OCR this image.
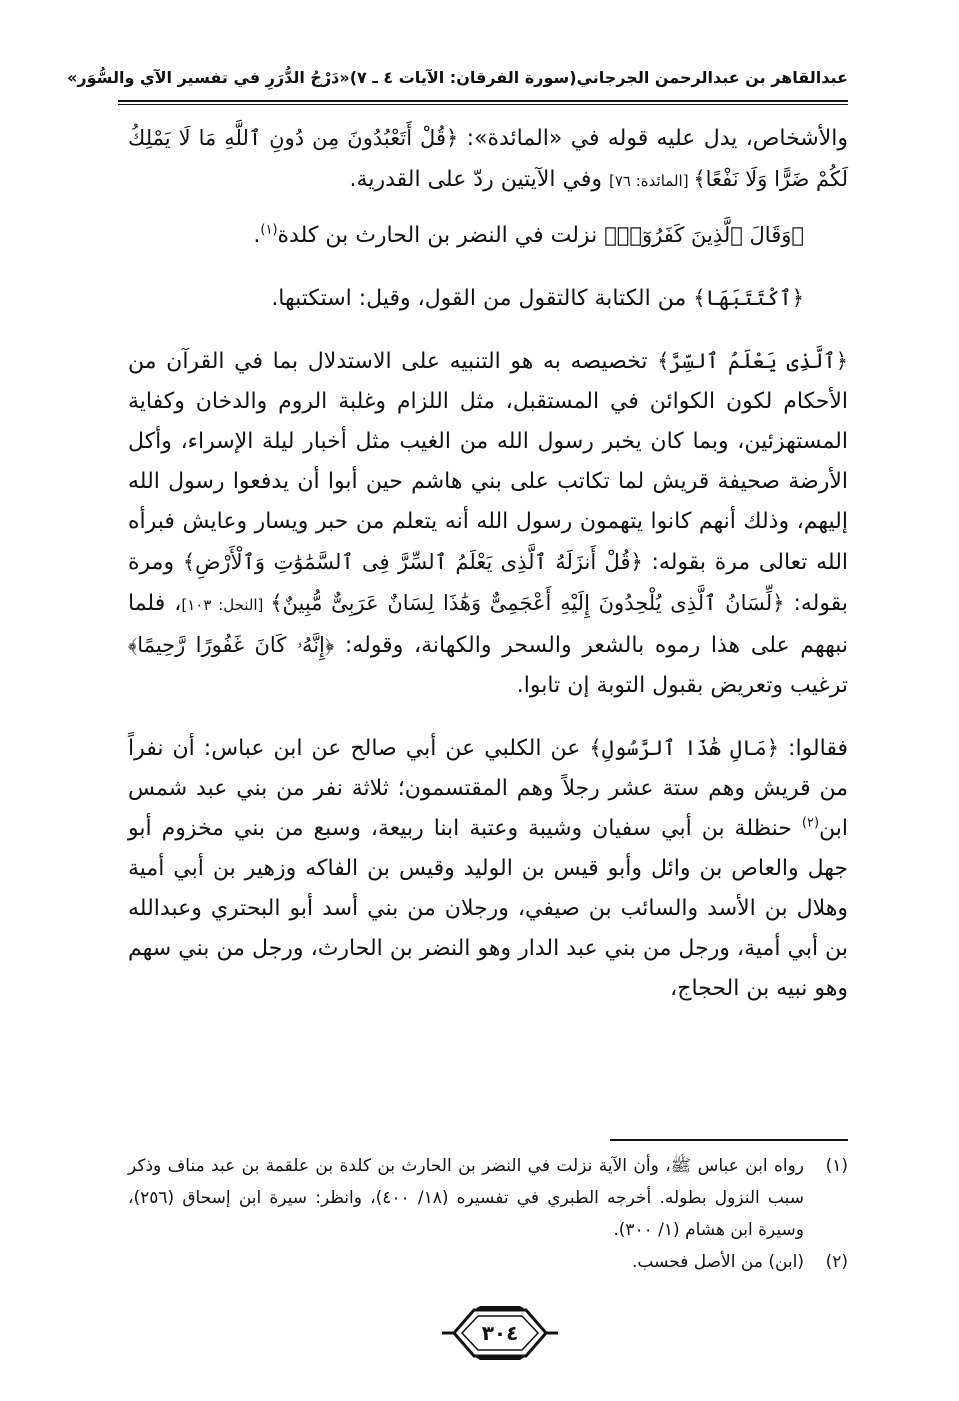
عبدالقاهر بن عبدالرحمن الجرجاني
(سورة الفرقان: الآيات ٤ ـ ٧)
«دَرْجُ الدُّرَرِ في تفسير الآي والسُّوَر»

والأشخاص، يدل عليه قوله في «المائدة»: ﴿قُلْ أَتَعْبُدُونَ مِن دُونِ ٱللَّهِ مَا لَا يَمْلِكُ لَكُمْ ضَرًّا وَلَا نَفْعًا﴾ [المائدة: ٧٦] وفي الآيتين ردّ على القدرية.

﴿وَقَالَ ٱلَّذِينَ كَفَرُوٓا۟﴾ نزلت في النضر بن الحارث بن كلدة$^{(١)}$.

﴿ٱكْتَتَبَهَا﴾ من الكتابة كالتقول من القول، وقيل: استكتبها.

﴿ٱلَّذِى يَعْلَمُ ٱلسِّرَّ﴾ تخصيصه به هو التنبيه على الاستدلال بما في القرآن من الأحكام لكون الكوائن في المستقبل، مثل اللزام وغلبة الروم والدخان وكفاية المستهزئين، وبما كان يخبر رسول الله من الغيب مثل أخبار ليلة الإسراء، وأكل الأرضة صحيفة قريش لما تكاتب على بني هاشم حين أبوا أن يدفعوا رسول الله إليهم، وذلك أنهم كانوا يتهمون رسول الله أنه يتعلم من حبر ويسار وعايش فبرأه الله تعالى مرة بقوله: ﴿قُلْ أَنزَلَهُ ٱلَّذِى يَعْلَمُ ٱلسِّرَّ فِى ٱلسَّمَٰوَٰتِ وَٱلْأَرْضِ﴾ ومرة بقوله: ﴿لِّسَانُ ٱلَّذِى يُلْحِدُونَ إِلَيْهِ أَعْجَمِىٌّ وَهَٰذَا لِسَانٌ عَرَبِىٌّ مُّبِينٌ﴾ [النحل: ١٠٣]، فلما نبههم على هذا رموه بالشعر والسحر والكهانة، وقوله: ﴿إِنَّهُۥ كَانَ غَفُورًا رَّحِيمًا﴾ ترغيب وتعريض بقبول التوبة إن تابوا.

فقالوا: ﴿مَالِ هَٰذَا ٱلرَّسُولِ﴾ عن الكلبي عن أبي صالح عن ابن عباس: أن نفراً من قريش وهم ستة عشر رجلاً وهم المقتسمون؛ ثلاثة نفر من بني عبد شمس ابن$^{(٢)}$ حنظلة بن أبي سفيان وشيبة وعتبة ابنا ربيعة، وسبع من بني مخزوم أبو جهل والعاص بن وائل وأبو قيس بن الوليد وقيس بن الفاكه وزهير بن أبي أمية وهلال بن الأسد والسائب بن صيفي، ورجلان من بني أسد أبو البحتري وعبدالله بن أبي أمية، ورجل من بني عبد الدار وهو النضر بن الحارث، ورجل من بني سهم وهو نبيه بن الحجاج،

(١)
رواه ابن عباس ﷺ، وأن الآية نزلت في النضر بن الحارث بن كلدة بن علقمة بن عبد مناف وذكر سبب النزول بطوله. أخرجه الطبري في تفسيره (١٨/ ٤٠٠)، وانظر: سيرة ابن إسحاق (٢٥٦)، وسيرة ابن هشام (١/ ٣٠٠).
(٢)
(ابن) من الأصل فحسب.
٣٠٤
